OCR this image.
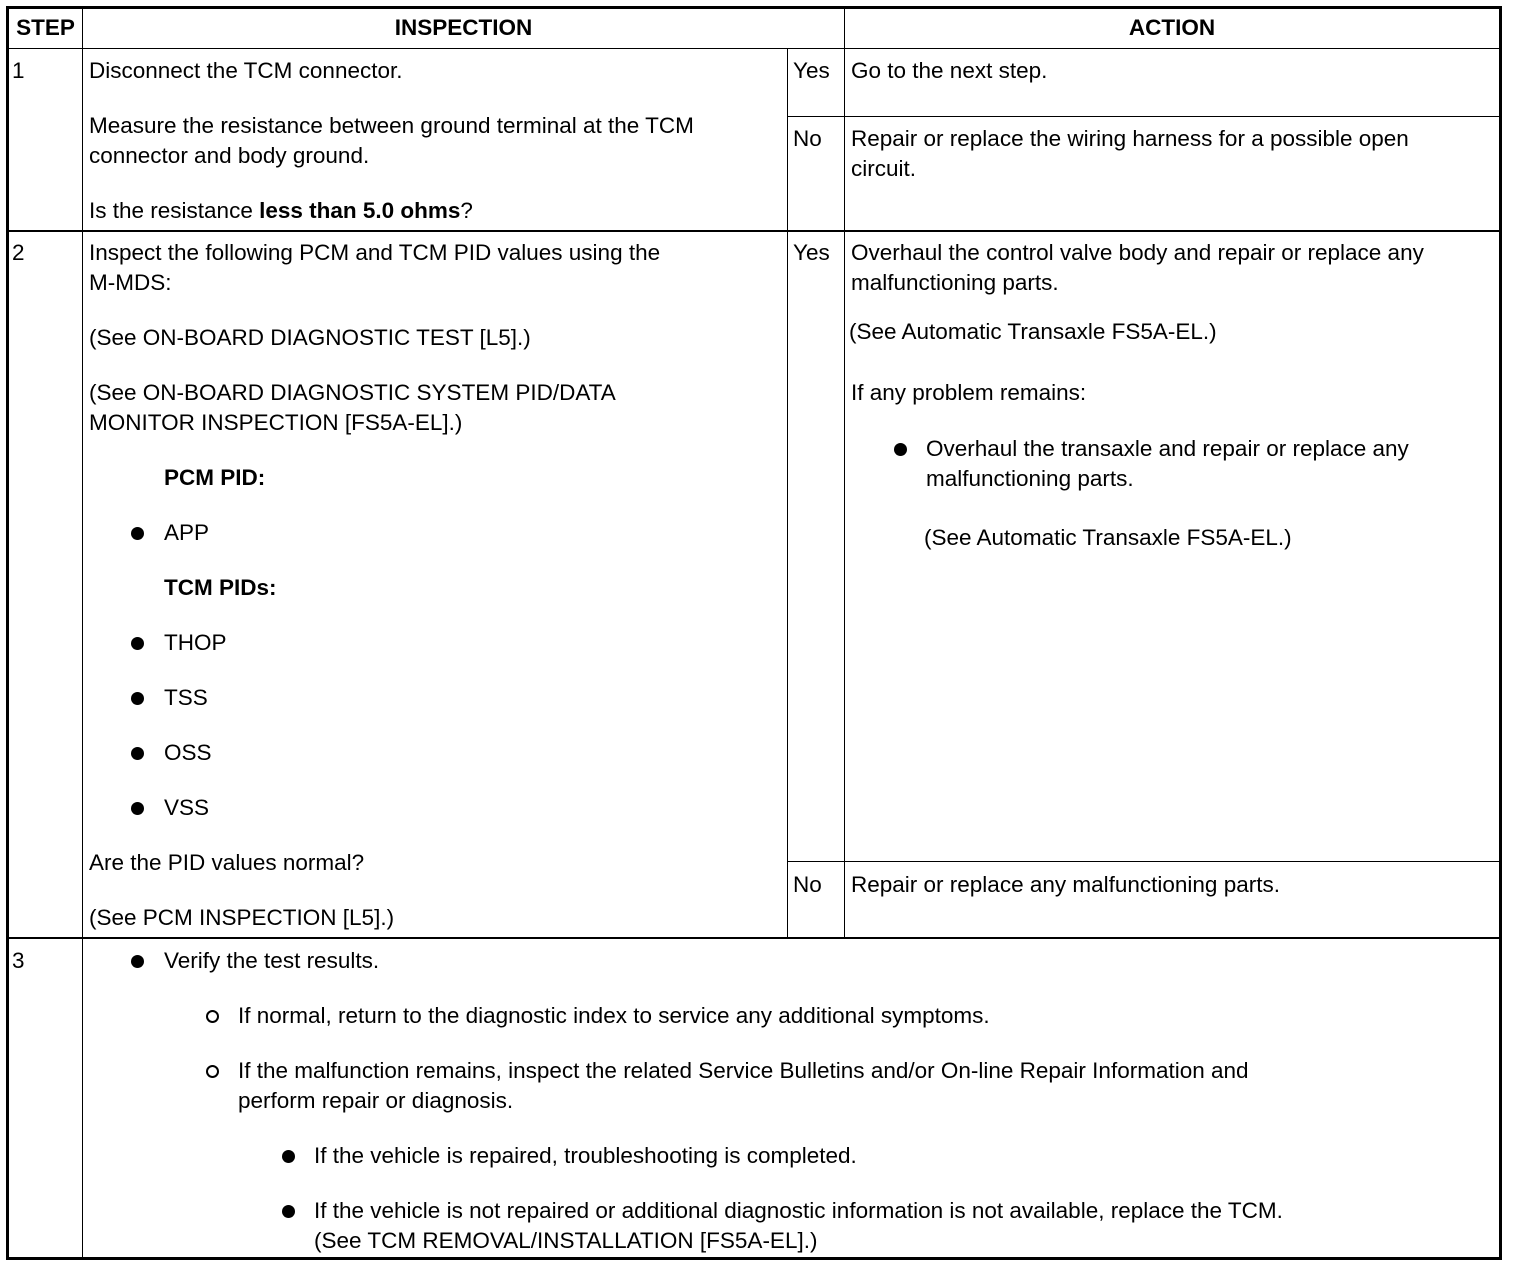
STEP	INSPECTION	ACTION
1	Disconnect the TCM connector.
Measure the resistance between ground terminal at the TCM
connector and body ground.
Is the resistance less than 5.0 ohms?
Yes Go to the next step.
No Repair or replace the wiring harness for a possible open
circuit.
2	Inspect the following PCM and TCM PID values using the
M-MDS:
(See ON-BOARD DIAGNOSTIC TEST [L5].)
(See ON-BOARD DIAGNOSTIC SYSTEM PID/DATA
MONITOR INSPECTION [FS5A-EL].)
PCM PID:
APP
TCM PIDs:
THOP
TSS
OSS
VSS
Are the PID values normal?
(See PCM INSPECTION [L5].)
Yes Overhaul the control valve body and repair or replace any
malfunctioning parts.
(See Automatic Transaxle FS5A-EL.)
If any problem remains:
Overhaul the transaxle and repair or replace any
malfunctioning parts.
(See Automatic Transaxle FS5A-EL.)
No Repair or replace any malfunctioning parts.
3	Verify the test results.
If normal, return to the diagnostic index to service any additional symptoms.
If the malfunction remains, inspect the related Service Bulletins and/or On-line Repair Information and
perform repair or diagnosis.
If the vehicle is repaired, troubleshooting is completed.
If the vehicle is not repaired or additional diagnostic information is not available, replace the TCM.
(See TCM REMOVAL/INSTALLATION [FS5A-EL].)
